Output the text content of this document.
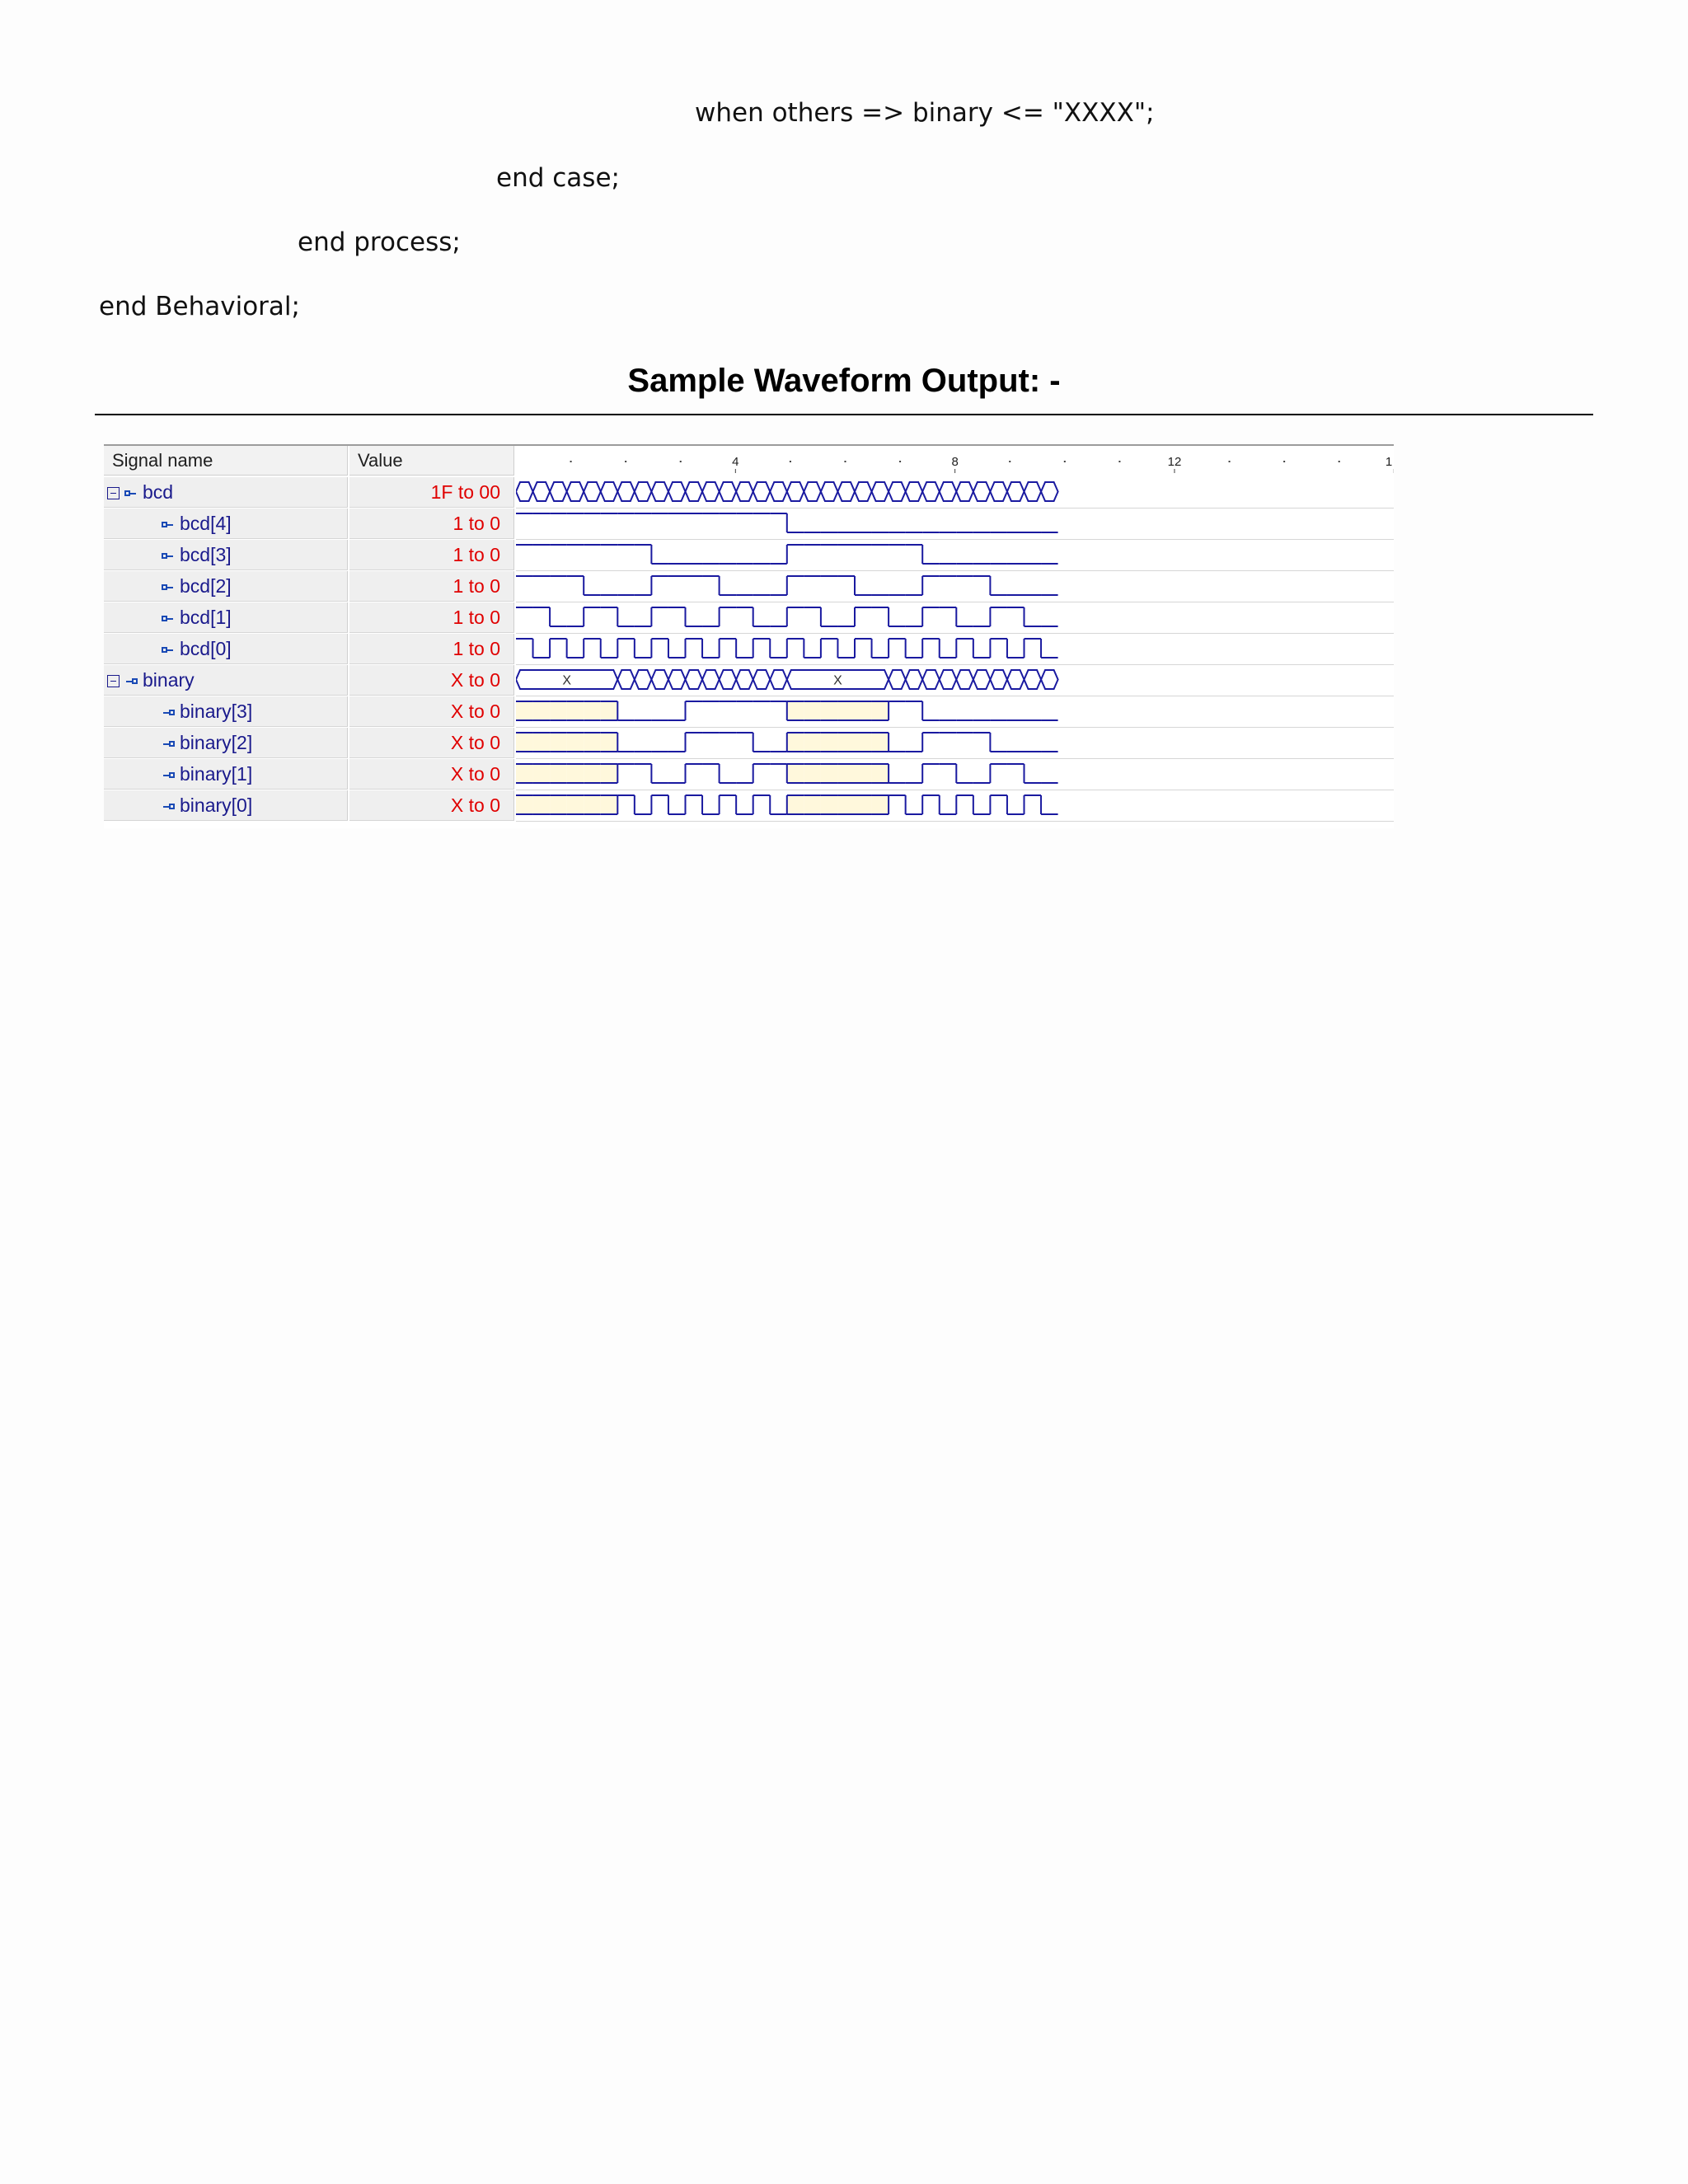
when others => binary <= "XXXX";

end case;

end process;

end Behavioral;

Sample Waveform Output: -
Signal name	Value	4	8	12	1
bcd	1F to 00
bcd[4]	1 to 0
bcd[3]	1 to 0
bcd[2]	1 to 0
bcd[1]	1 to 0
bcd[0]	1 to 0
binary	X to 0	X	X
binary[3]	X to 0
binary[2]	X to 0
binary[1]	X to 0
binary[0]	X to 0
